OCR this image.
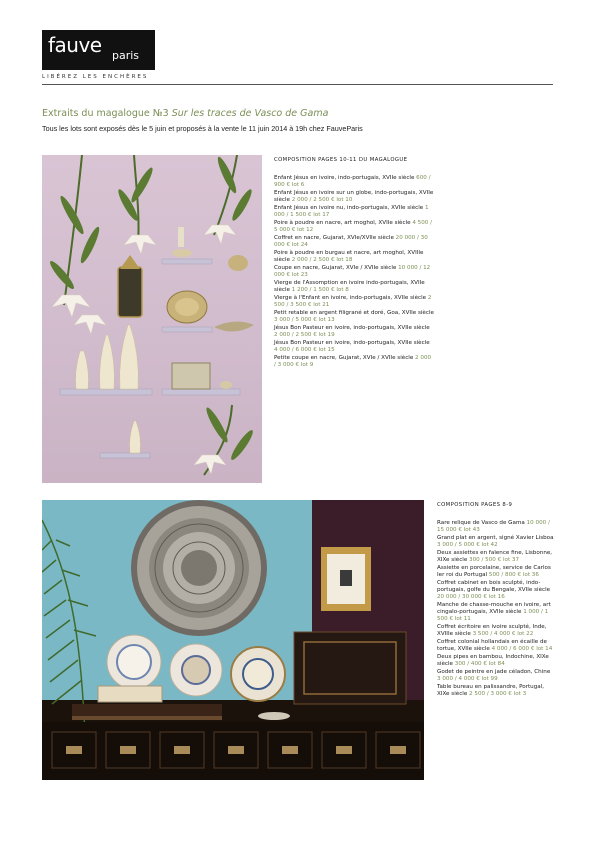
fauve paris
LIBÉREZ LES ENCHÈRES
Extraits du magalogue №3 Sur les traces de Vasco de Gama
Tous les lots sont exposés dès le 5 juin et proposés à la vente le 11 juin 2014 à 19h chez FauveParis
COMPOSITION PAGES 10-11 DU MAGALOGUE
Enfant Jésus en ivoire, indo-portugais, XVIIe siècle 600 / 900 € lot 6
Enfant Jésus en ivoire sur un globe, indo-portugais, XVIIe siècle 2 000 / 2 500 € lot 10
Enfant Jésus en ivoire nu, indo-portugais, XVIIe siècle 1 000 / 1 500 € lot 17
Poire à poudre en nacre, art moghol, XVIIe siècle 4 500 / 5 000 € lot 12
Coffret en nacre, Gujarat, XVIe/XVIIe siècle 20 000 / 30 000 € lot 24
Poire à poudre en burgau et nacre, art moghol, XVIIIe siècle 2 000 / 2 500 € lot 18
Coupe en nacre, Gujarat, XVIe / XVIIe siècle 10 000 / 12 000 € lot 23
Vierge de l'Assomption en ivoire indo-portugais, XVIIe siècle 1 200 / 1 500 € lot 8
Vierge à l'Enfant en ivoire, indo-portugais, XVIIe siècle 2 500 / 3 500 € lot 21
Petit retable en argent filigrané et doré, Goa, XVIIe siècle 3 000 / 5 000 € lot 13
Jésus Bon Pasteur en ivoire, indo-portugais, XVIIe siècle 2 000 / 2 500 € lot 19
Jésus Bon Pasteur en ivoire, indo-portugais, XVIIe siècle 4 000 / 6 000 € lot 15
Petite coupe en nacre, Gujarat, XVIe / XVIIe siècle 2 000 / 3 000 € lot 9
COMPOSITION PAGES 8-9
Rare relique de Vasco de Gama 10 000 / 15 000 € lot 43
Grand plat en argent, signé Xavier Lisboa 3 000 / 5 000 € lot 42
Deux assiettes en faïence fine, Lisbonne, XIXe siècle 300 / 500 € lot 37
Assiette en porcelaine, service de Carlos Ier roi du Portugal 500 / 800 € lot 36
Coffret cabinet en bois sculpté, indo-portugais, golfe du Bengale, XVIIe siècle 20 000 / 30 000 € lot 16
Manche de chasse-mouche en ivoire, art cingalo-portugais, XVIIe siècle 1 000 / 1 500 € lot 11
Coffret écritoire en ivoire sculpté, Inde, XVIIIe siècle 3 500 / 4 000 € lot 22
Coffret colonial hollandais en écaille de tortue, XVIIe siècle 4 000 / 6 000 € lot 14
Deux pipes en bambou, Indochine, XIXe siècle 300 / 400 € lot 84
Godet de peintre en jade céladon, Chine 3 000 / 4 000 € lot 99
Table bureau en palissandre, Portugal, XIXe siècle 2 500 / 3 000 € lot 3
